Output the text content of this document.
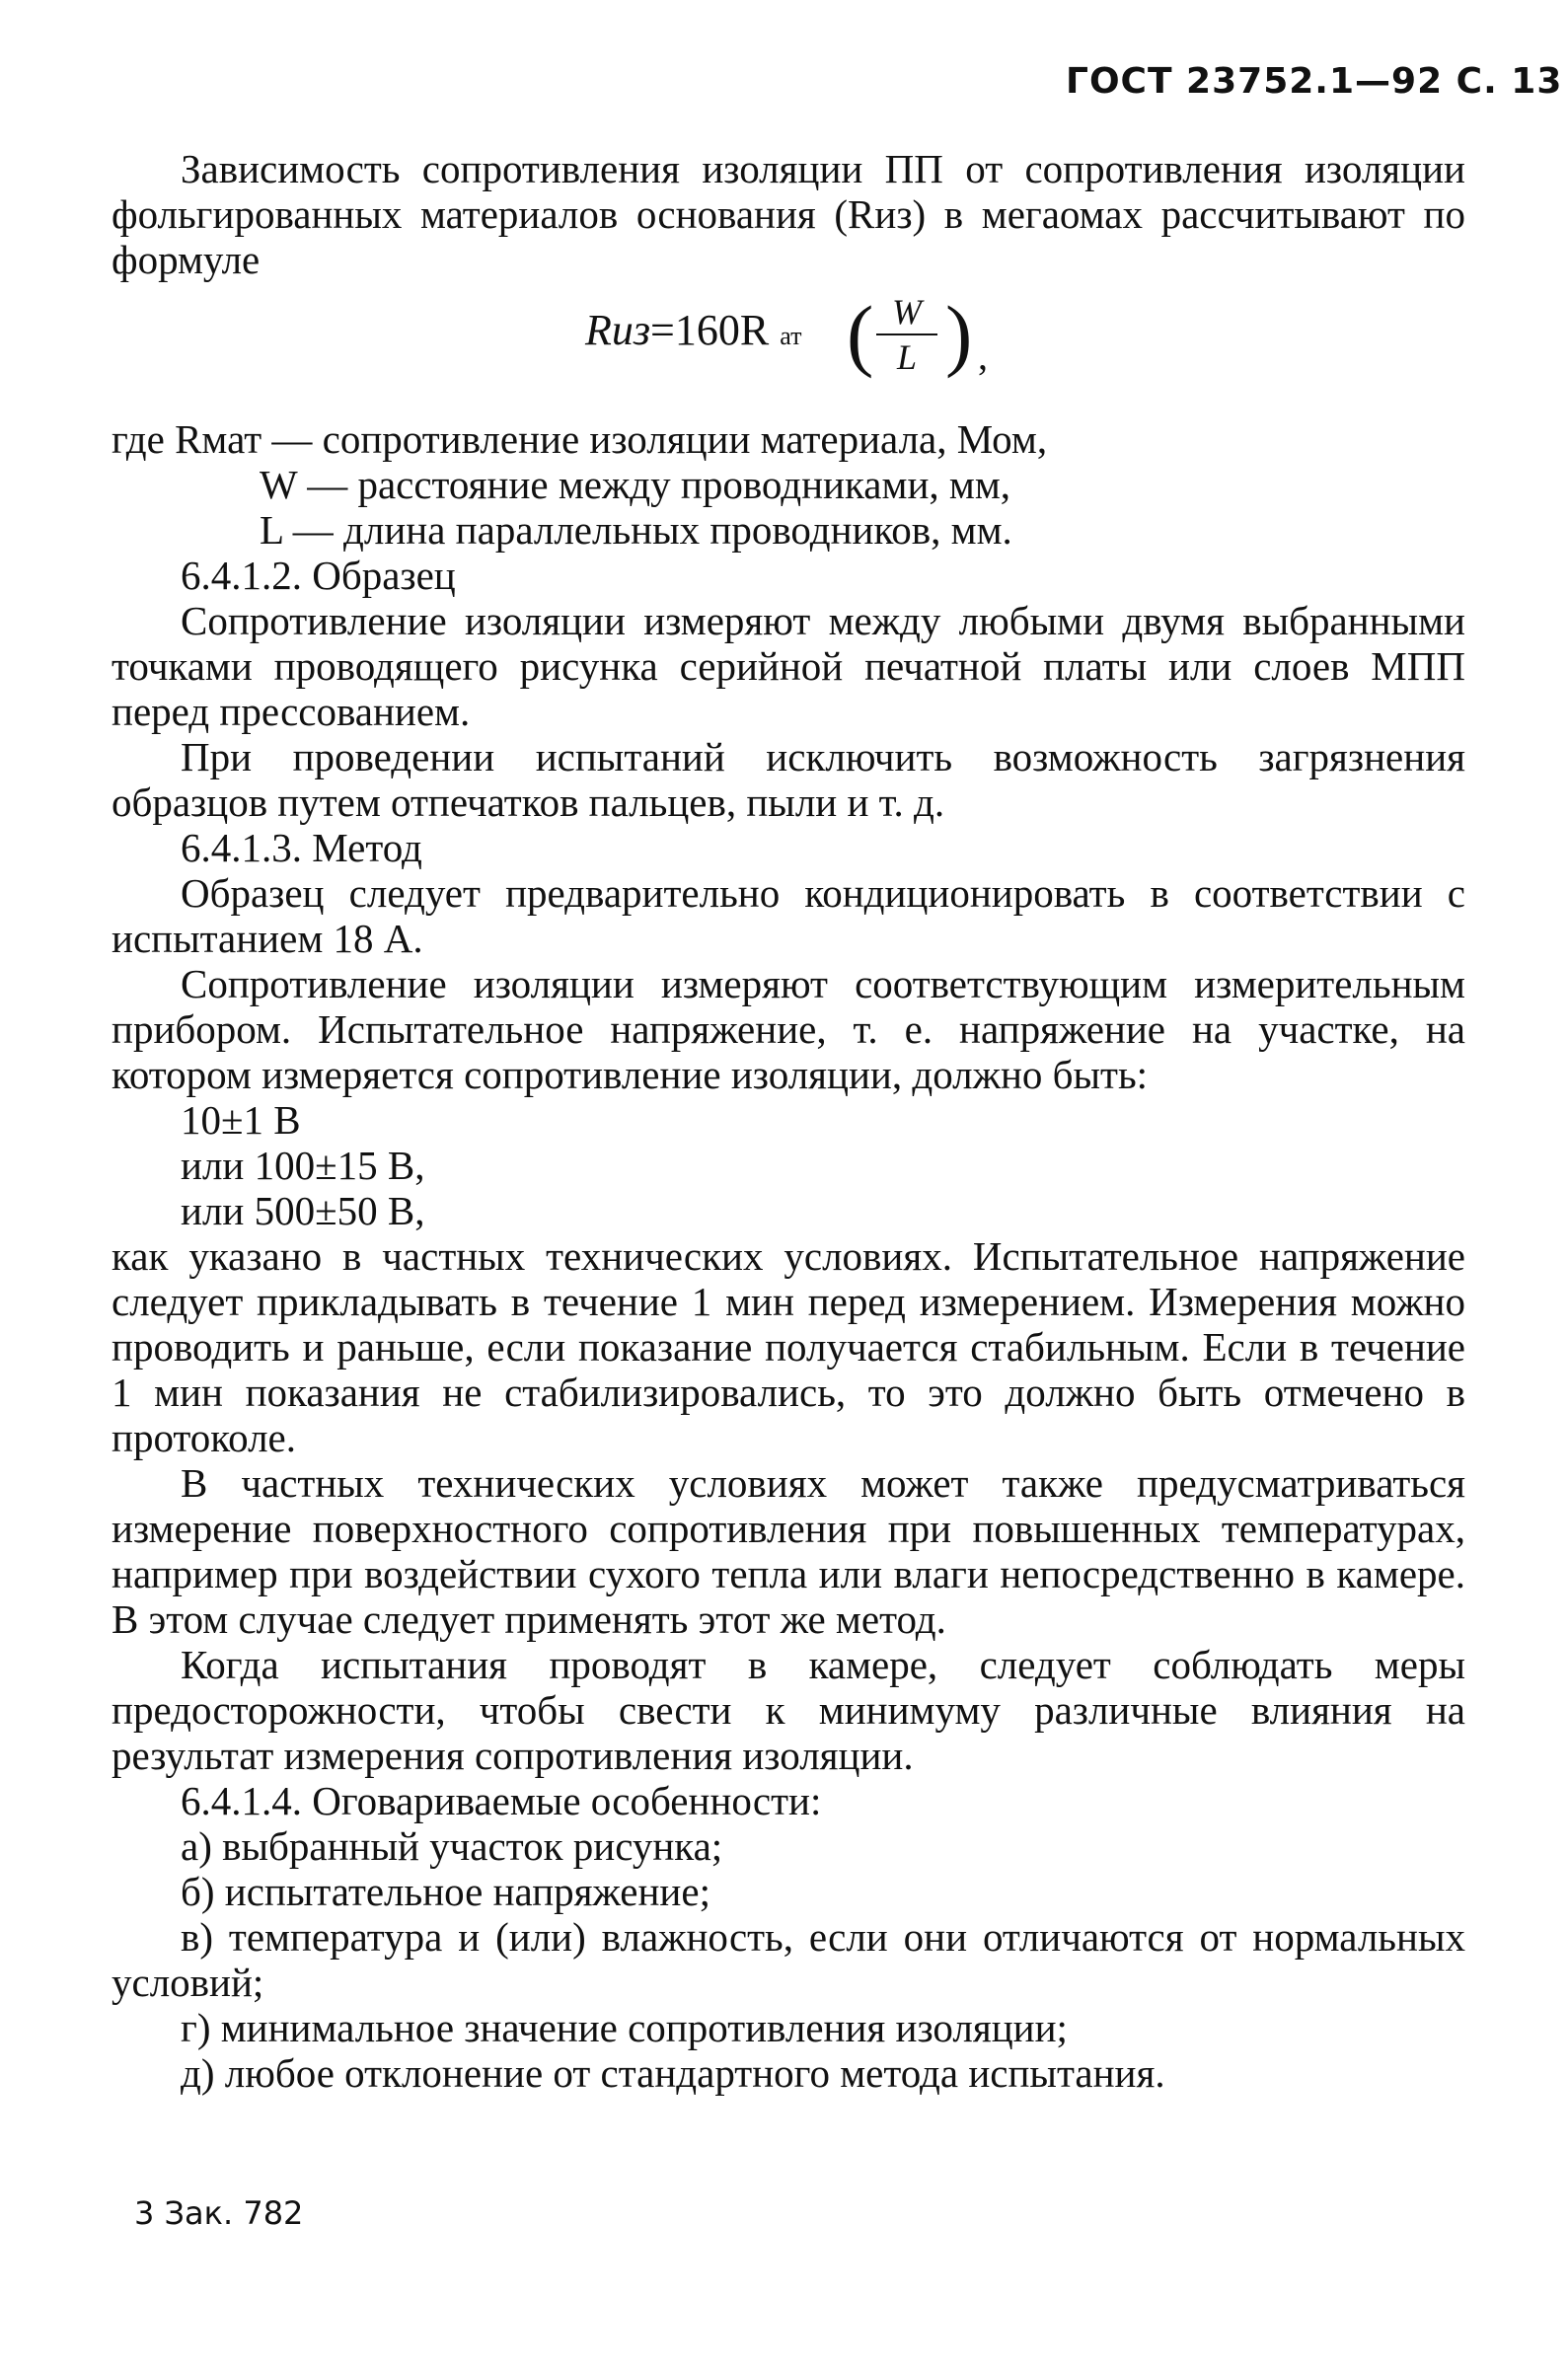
ГОСТ 23752.1—92 С. 13

Зависимость сопротивления изоляции ПП от сопротивления изоляции фольгированных материалов основания (Rиз) в мегаомах рассчитывают по формуле

Rиз=160R ат ( W
L ) ,

где Rмат — сопротивление изоляции материала, Мом,

W — расстояние между проводниками, мм,

L — длина параллельных проводников, мм.

6.4.1.2. Образец

Сопротивление изоляции измеряют между любыми двумя выбранными точками проводящего рисунка серийной печатной платы или слоев МПП перед прессованием.

При проведении испытаний исключить возможность загрязнения образцов путем отпечатков пальцев, пыли и т. д.

6.4.1.3. Метод

Образец следует предварительно кондиционировать в соответствии с испытанием 18 А.

Сопротивление изоляции измеряют соответствующим измерительным прибором. Испытательное напряжение, т. е. напряжение на участке, на котором измеряется сопротивление изоляции, должно быть:

10±1 В

или 100±15 В,

или 500±50 В,

как указано в частных технических условиях. Испытательное напряжение следует прикладывать в течение 1 мин перед измерением. Измерения можно проводить и раньше, если показание получается стабильным. Если в течение 1 мин показания не стабилизировались, то это должно быть отмечено в протоколе.

В частных технических условиях может также предусматриваться измерение поверхностного сопротивления при повышенных температурах, например при воздействии сухого тепла или влаги непосредственно в камере. В этом случае следует применять этот же метод.

Когда испытания проводят в камере, следует соблюдать меры предосторожности, чтобы свести к минимуму различные влияния на результат измерения сопротивления изоляции.

6.4.1.4. Оговариваемые особенности:

а) выбранный участок рисунка;

б) испытательное напряжение;

в) температура и (или) влажность, если они отличаются от нормальных условий;

г) минимальное значение сопротивления изоляции;

д) любое отклонение от стандартного метода испытания.

3 Зак. 782
